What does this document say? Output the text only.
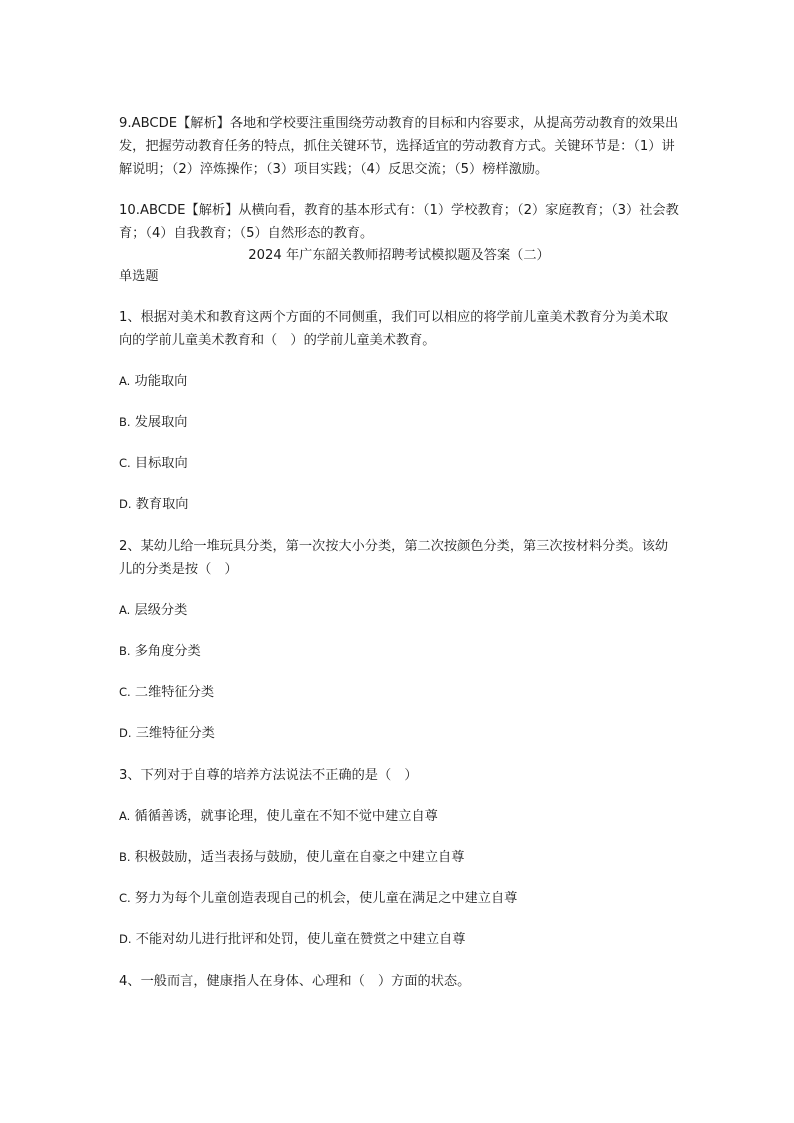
9.ABCDE【解析】各地和学校要注重围绕劳动教育的目标和内容要求，从提高劳动教育的效果出发，把握劳动教育任务的特点，抓住关键环节，选择适宜的劳动教育方式。关键环节是：（1）讲解说明；（2）淬炼操作；（3）项目实践；（4）反思交流；（5）榜样激励。

10.ABCDE【解析】从横向看，教育的基本形式有：（1）学校教育；（2）家庭教育；（3）社会教育；（4）自我教育；（5）自然形态的教育。

2024 年广东韶关教师招聘考试模拟题及答案（二）

单选题

1、根据对美术和教育这两个方面的不同侧重，我们可以相应的将学前儿童美术教育分为美术取向的学前儿童美术教育和（　）的学前儿童美术教育。

A. 功能取向

B. 发展取向

C. 目标取向

D. 教育取向

2、某幼儿给一堆玩具分类，第一次按大小分类，第二次按颜色分类，第三次按材料分类。该幼儿的分类是按（　）

A. 层级分类

B. 多角度分类

C. 二维特征分类

D. 三维特征分类

3、下列对于自尊的培养方法说法不正确的是（　）

A. 循循善诱，就事论理，使儿童在不知不觉中建立自尊

B. 积极鼓励，适当表扬与鼓励，使儿童在自豪之中建立自尊

C. 努力为每个儿童创造表现自己的机会，使儿童在满足之中建立自尊

D. 不能对幼儿进行批评和处罚，使儿童在赞赏之中建立自尊

4、一般而言，健康指人在身体、心理和（　）方面的状态。
